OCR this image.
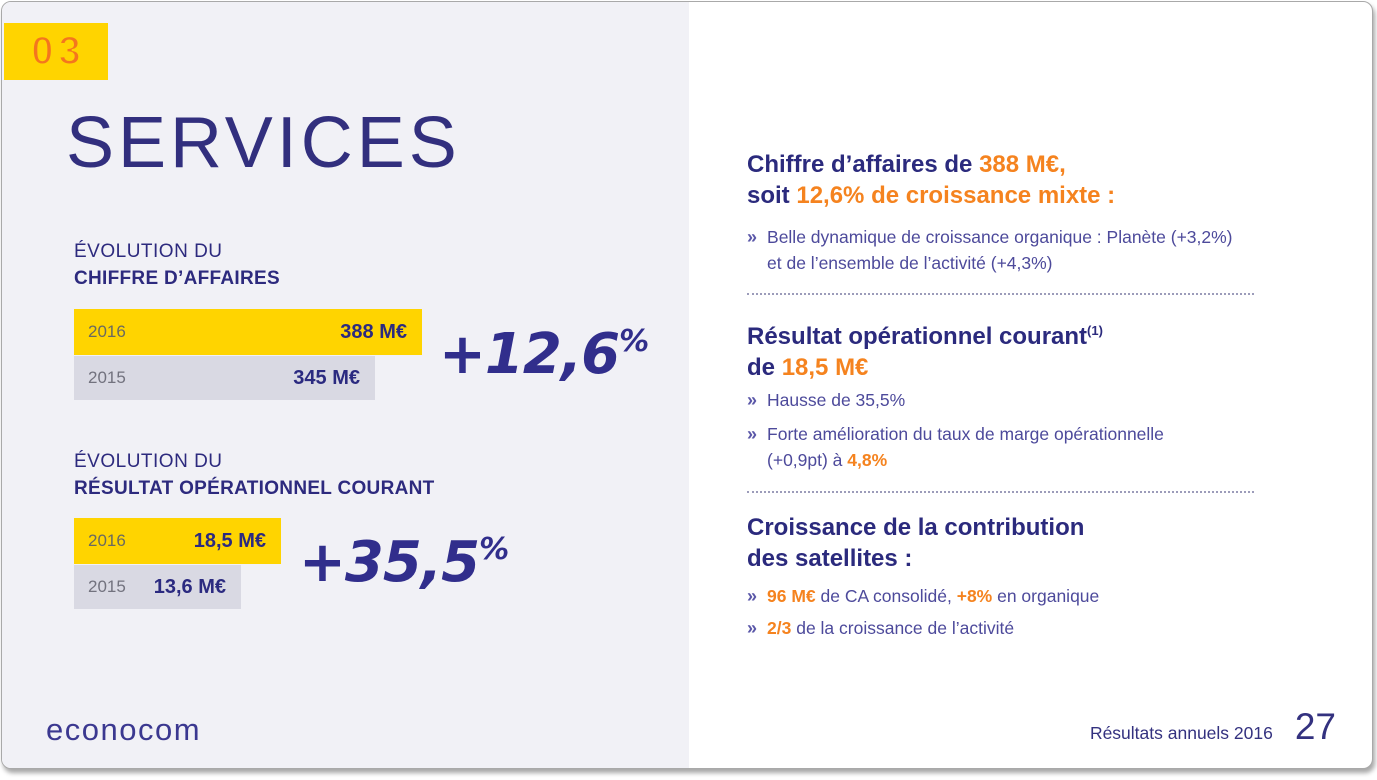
03
SERVICES
ÉVOLUTION DU
CHIFFRE D’AFFAIRES
2016	388 M€
2015	345 M€ +12,6%
ÉVOLUTION DU
RÉSULTAT OPÉRATIONNEL COURANT
2016	18,5 M€
2015 13,6 M€ +35,5%
Chiffre d’affaires de 388 M€,
soit 12,6% de croissance mixte :
» Belle dynamique de croissance organique : Planète (+3,2%)
et de l’ensemble de l’activité (+4,3%)
Résultat opérationnel courant$^{(1)}$
de 18,5 M€
» Hausse de 35,5%
» Forte amélioration du taux de marge opérationnelle
(+0,9pt) à 4,8%
Croissance de la contribution
des satellites :
» 96 M€ de CA consolidé, +8% en organique
» 2/3 de la croissance de l’activité
econocom	Résultats annuels 2016 27
